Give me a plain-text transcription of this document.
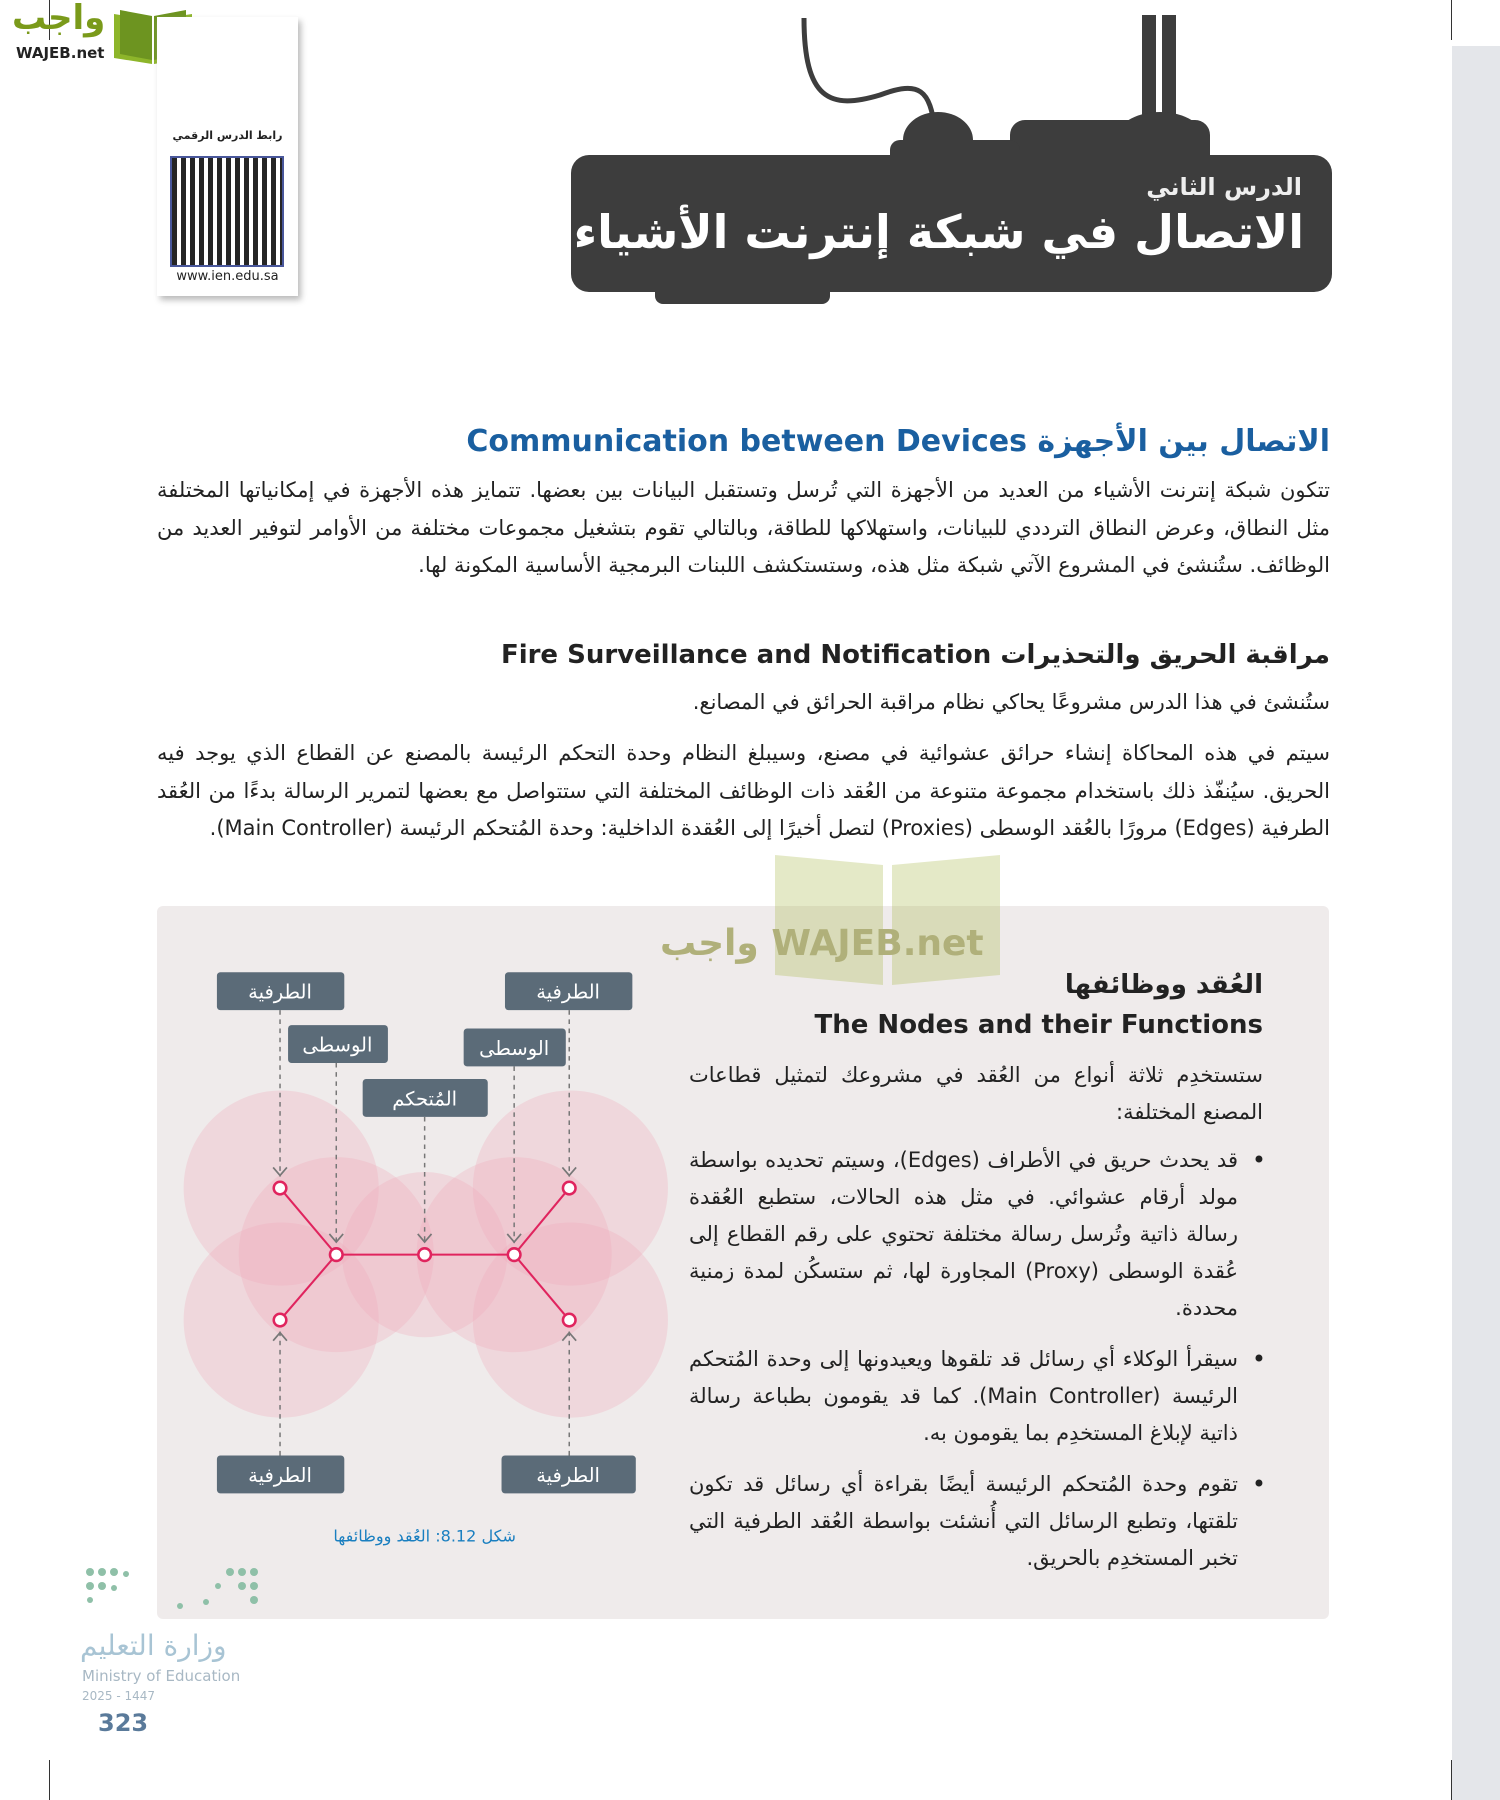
واجب
WAJEB.net
رابط الدرس الرقمي
www.ien.edu.sa
الدرس الثاني
الاتصال في شبكة إنترنت الأشياء
الاتصال بين الأجهزة Communication between Devices
تتكون شبكة إنترنت الأشياء من العديد من الأجهزة التي تُرسل وتستقبل البيانات بين بعضها. تتمايز هذه الأجهزة في إمكانياتها المختلفة مثل النطاق، وعرض النطاق الترددي للبيانات، واستهلاكها للطاقة، وبالتالي تقوم بتشغيل مجموعات مختلفة من الأوامر لتوفير العديد من الوظائف. ستُنشئ في المشروع الآتي شبكة مثل هذه، وستستكشف اللبنات البرمجية الأساسية المكونة لها.
مراقبة الحريق والتحذيرات Fire Surveillance and Notification
ستُنشئ في هذا الدرس مشروعًا يحاكي نظام مراقبة الحرائق في المصانع.
سيتم في هذه المحاكاة إنشاء حرائق عشوائية في مصنع، وسيبلغ النظام وحدة التحكم الرئيسة بالمصنع عن القطاع الذي يوجد فيه الحريق. سيُنفّذ ذلك باستخدام مجموعة متنوعة من العُقد ذات الوظائف المختلفة التي ستتواصل مع بعضها لتمرير الرسالة بدءًا من العُقد الطرفية (Edges) مرورًا بالعُقد الوسطى (Proxies) لتصل أخيرًا إلى العُقدة الداخلية: وحدة المُتحكم الرئيسة (Main Controller).
واجب WAJEB.net
العُقد ووظائفها
The Nodes and their Functions
ستستخدِم ثلاثة أنواع من العُقد في مشروعك لتمثيل قطاعات المصنع المختلفة:
• قد يحدث حريق في الأطراف (Edges)، وسيتم تحديده بواسطة مولد أرقام عشوائي. في مثل هذه الحالات، ستطبع العُقدة رسالة ذاتية وتُرسل رسالة مختلفة تحتوي على رقم القطاع إلى عُقدة الوسطى (Proxy) المجاورة لها، ثم ستسكُن لمدة زمنية محددة.
• سيقرأ الوكلاء أي رسائل قد تلقوها ويعيدونها إلى وحدة المُتحكم الرئيسة (Main Controller). كما قد يقومون بطباعة رسالة ذاتية لإبلاغ المستخدِم بما يقومون به.
• تقوم وحدة المُتحكم الرئيسة أيضًا بقراءة أي رسائل قد تكون تلقتها، وتطبع الرسائل التي أُنشئت بواسطة العُقد الطرفية التي تخبر المستخدِم بالحريق.
الطرفية	الطرفية
الوسطى	الوسطى
المُتحكم
الطرفية	الطرفية
شكل 8.12: العُقد ووظائفها
وزارة التعليم
Ministry of Education
2025 - 1447
323
